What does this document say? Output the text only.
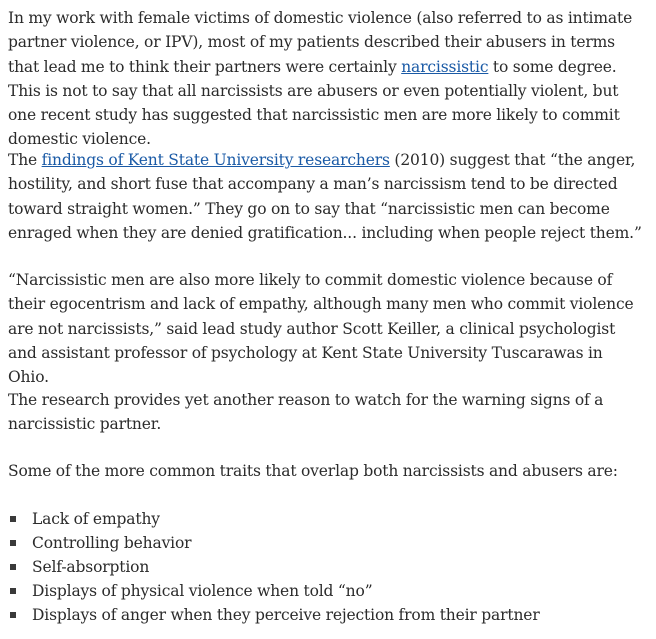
In my work with female victims of domestic violence (also referred to as intimate partner violence, or IPV), most of my patients described their abusers in terms that lead me to think their partners were certainly narcissistic to some degree. This is not to say that all narcissists are abusers or even potentially violent, but one recent study has suggested that narcissistic men are more likely to commit domestic violence.

The findings of Kent State University researchers (2010) suggest that “the anger, hostility, and short fuse that accompany a man’s narcissism tend to be directed toward straight women.” They go on to say that “narcissistic men can become enraged when they are denied gratification... including when people reject them.”

“Narcissistic men are also more likely to commit domestic violence because of their egocentrism and lack of empathy, although many men who commit violence are not narcissists,” said lead study author Scott Keiller, a clinical psychologist and assistant professor of psychology at Kent State University Tuscarawas in Ohio.

The research provides yet another reason to watch for the warning signs of a narcissistic partner.

Some of the more common traits that overlap both narcissists and abusers are:

Lack of empathy
Controlling behavior
Self-absorption
Displays of physical violence when told “no”
Displays of anger when they perceive rejection from their partner
